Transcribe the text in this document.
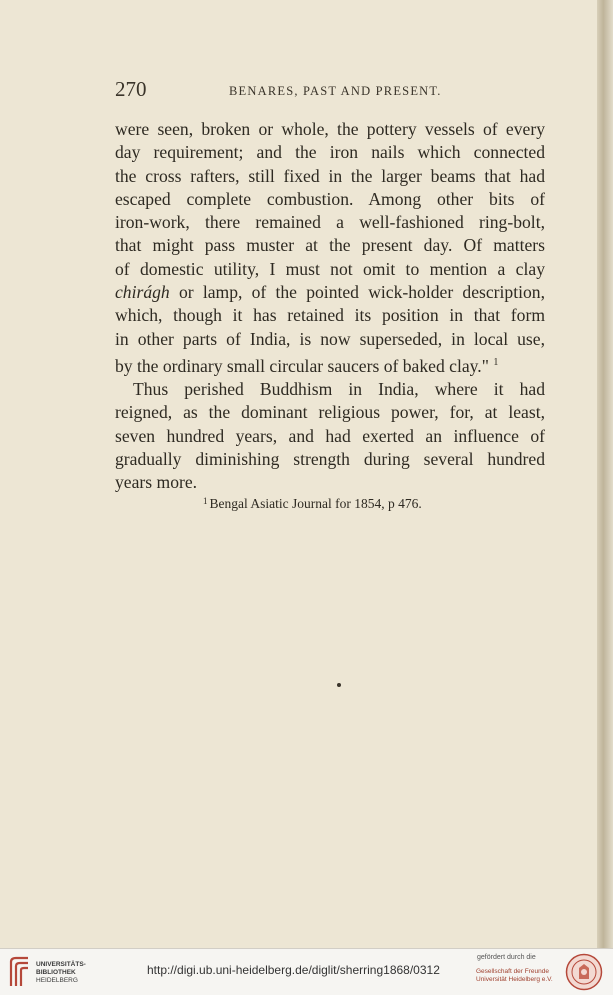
270	BENARES, PAST AND PRESENT.
were seen, broken or whole, the pottery vessels of every
day requirement; and the iron nails which connected
the cross rafters, still fixed in the larger beams that had
escaped complete combustion. Among other bits of
iron-work, there remained a well-fashioned ring-bolt,
that might pass muster at the present day. Of matters
of domestic utility, I must not omit to mention a clay
chirágh or lamp, of the pointed wick-holder description,
which, though it has retained its position in that form
in other parts of India, is now superseded, in local use,
by the ordinary small circular saucers of baked clay." $^1$
Thus perished Buddhism in India, where it had
reigned, as the dominant religious power, for, at least,
seven hundred years, and had exerted an influence of
gradually diminishing strength during several hundred
years more.
$^1$ Bengal Asiatic Journal for 1854, p 476.
UNIVERSITÄTS-
BIBLIOTHEK
HEIDELBERG
http://digi.ub.uni-heidelberg.de/diglit/sherring1868/0312
gefördert durch die
Gesellschaft der Freunde
Universität Heidelberg e.V.
